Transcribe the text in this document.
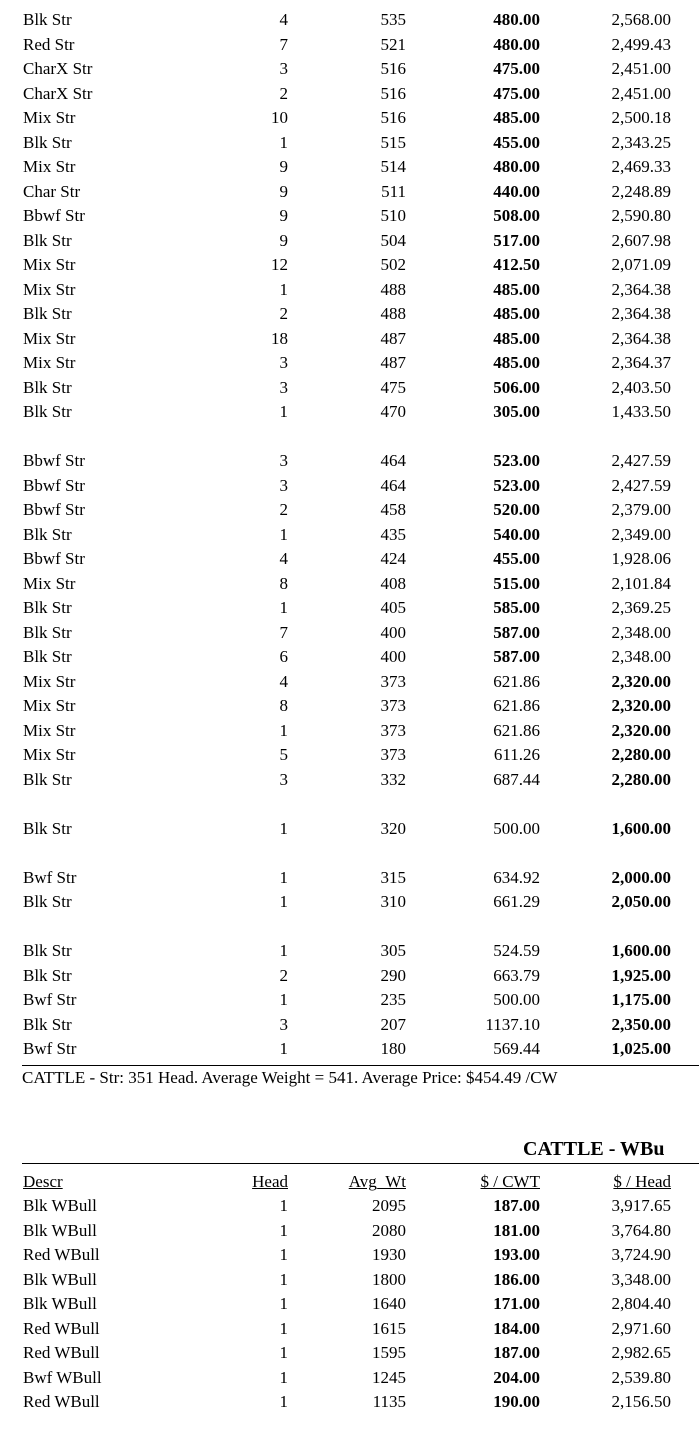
Blk Str	4	535	480.00	2,568.00
Red Str	7	521	480.00	2,499.43
CharX Str	3	516	475.00	2,451.00
CharX Str	2	516	475.00	2,451.00
Mix Str	10	516	485.00	2,500.18
Blk Str	1	515	455.00	2,343.25
Mix Str	9	514	480.00	2,469.33
Char Str	9	511	440.00	2,248.89
Bbwf Str	9	510	508.00	2,590.80
Blk Str	9	504	517.00	2,607.98
Mix Str	12	502	412.50	2,071.09
Mix Str	1	488	485.00	2,364.38
Blk Str	2	488	485.00	2,364.38
Mix Str	18	487	485.00	2,364.38
Mix Str	3	487	485.00	2,364.37
Blk Str	3	475	506.00	2,403.50
Blk Str	1	470	305.00	1,433.50
Bbwf Str	3	464	523.00	2,427.59
Bbwf Str	3	464	523.00	2,427.59
Bbwf Str	2	458	520.00	2,379.00
Blk Str	1	435	540.00	2,349.00
Bbwf Str	4	424	455.00	1,928.06
Mix Str	8	408	515.00	2,101.84
Blk Str	1	405	585.00	2,369.25
Blk Str	7	400	587.00	2,348.00
Blk Str	6	400	587.00	2,348.00
Mix Str	4	373	621.86	2,320.00
Mix Str	8	373	621.86	2,320.00
Mix Str	1	373	621.86	2,320.00
Mix Str	5	373	611.26	2,280.00
Blk Str	3	332	687.44	2,280.00
Blk Str	1	320	500.00	1,600.00
Bwf Str	1	315	634.92	2,000.00
Blk Str	1	310	661.29	2,050.00
Blk Str	1	305	524.59	1,600.00
Blk Str	2	290	663.79	1,925.00
Bwf Str	1	235	500.00	1,175.00
Blk Str	3	207	1137.10	2,350.00
Bwf Str	1	180	569.44	1,025.00
CATTLE - Str: 351 Head. Average Weight = 541. Average Price: $454.49 /CW
CATTLE - WBu
Descr	Head	Avg_Wt	$ / CWT	$ / Head
Blk WBull	1	2095	187.00	3,917.65
Blk WBull	1	2080	181.00	3,764.80
Red WBull	1	1930	193.00	3,724.90
Blk WBull	1	1800	186.00	3,348.00
Blk WBull	1	1640	171.00	2,804.40
Red WBull	1	1615	184.00	2,971.60
Red WBull	1	1595	187.00	2,982.65
Bwf WBull	1	1245	204.00	2,539.80
Red WBull	1	1135	190.00	2,156.50
